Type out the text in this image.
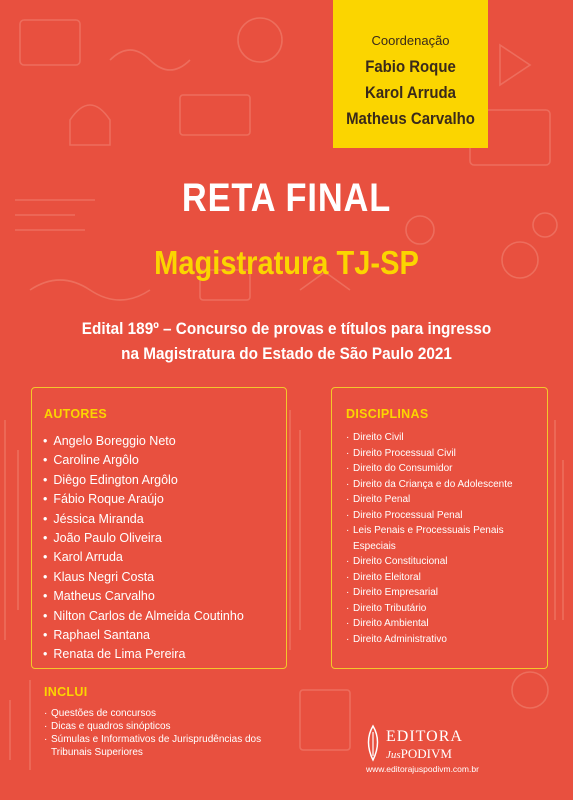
Coordenação
Fabio Roque
Karol Arruda
Matheus Carvalho
RETA FINAL
Magistratura TJ-SP
Edital 189º – Concurso de provas e títulos para ingresso
na Magistratura do Estado de São Paulo 2021
AUTORES
• Angelo Boreggio Neto
• Caroline Argôlo
• Diêgo Edington Argôlo
• Fábio Roque Araújo
• Jéssica Miranda
• João Paulo Oliveira
• Karol Arruda
• Klaus Negri Costa
• Matheus Carvalho
• Nilton Carlos de Almeida Coutinho
• Raphael Santana
• Renata de Lima Pereira
DISCIPLINAS
· Direito Civil
· Direito Processual Civil
· Direito do Consumidor
· Direito da Criança e do Adolescente
· Direito Penal
· Direito Processual Penal
· Leis Penais e Processuais Penais Especiais
· Direito Constitucional
· Direito Eleitoral
· Direito Empresarial
· Direito Tributário
· Direito Ambiental
· Direito Administrativo
INCLUI
· Questões de concursos
· Dicas e quadros sinópticos
· Súmulas e Informativos de Jurisprudências dos Tribunais Superiores
EDITORA
JusPODIVM
www.editorajuspodivm.com.br
